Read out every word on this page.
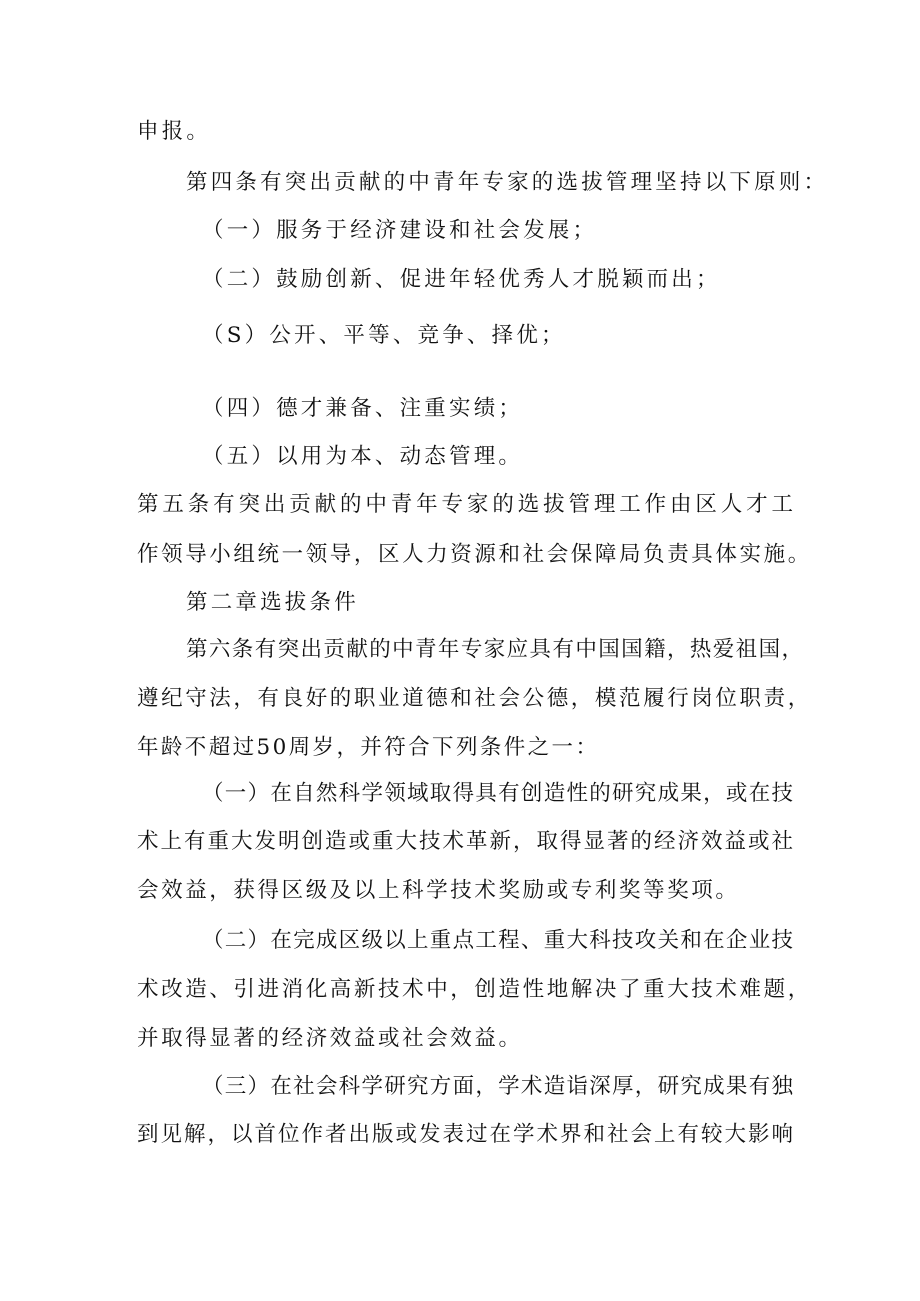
申报。

第四条有突出贡献的中青年专家的选拔管理坚持以下原则：

（一）服务于经济建设和社会发展；

（二）鼓励创新、促进年轻优秀人才脱颖而出；

（S）公开、平等、竞争、择优；

（四）德才兼备、注重实绩；

（五）以用为本、动态管理。

第五条有突出贡献的中青年专家的选拔管理工作由区人才工

作领导小组统一领导，区人力资源和社会保障局负责具体实施。

第二章选拔条件

第六条有突出贡献的中青年专家应具有中国国籍，热爱祖国，

遵纪守法，有良好的职业道德和社会公德，模范履行岗位职责，

年龄不超过50周岁，并符合下列条件之一：

（一）在自然科学领域取得具有创造性的研究成果，或在技

术上有重大发明创造或重大技术革新，取得显著的经济效益或社

会效益，获得区级及以上科学技术奖励或专利奖等奖项。

（二）在完成区级以上重点工程、重大科技攻关和在企业技

术改造、引进消化高新技术中，创造性地解决了重大技术难题，

并取得显著的经济效益或社会效益。

（三）在社会科学研究方面，学术造诣深厚，研究成果有独

到见解，以首位作者出版或发表过在学术界和社会上有较大影响
